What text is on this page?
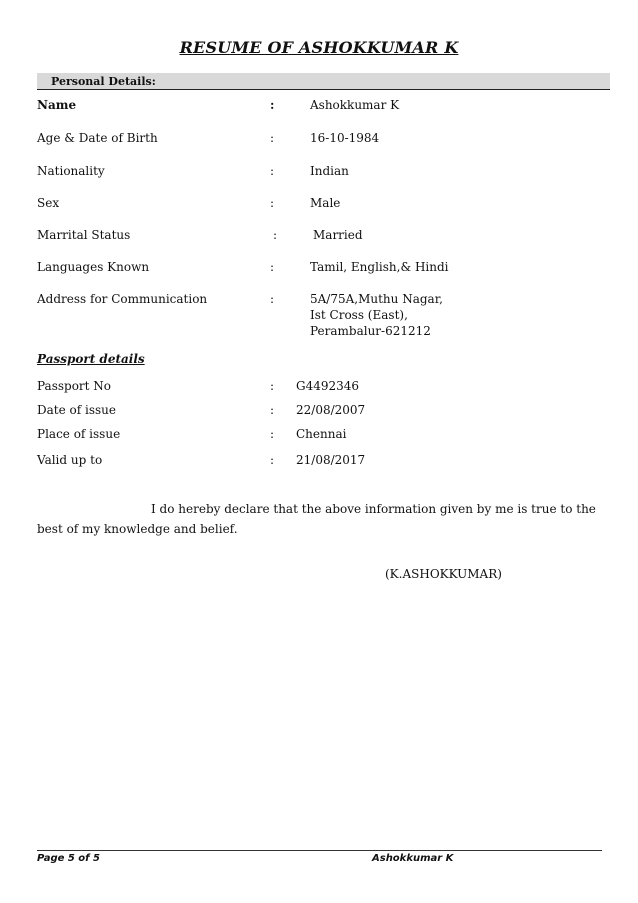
RESUME OF ASHOKKUMAR K
Personal Details:
Name	:	Ashokkumar K
Age & Date of Birth	:	16-10-1984
Nationality	:	Indian
Sex	:	Male
Marrital Status	:	Married
Languages Known	:	Tamil, English,& Hindi
Address for Communication	:	5A/75A,Muthu Nagar,
Ist Cross (East),
Perambalur-621212
Passport details
Passport No	: G4492346
Date of issue	: 22/08/2007
Place of issue	: Chennai
Valid up to	: 21/08/2017
I do hereby declare that the above information given by me is true to the best of my knowledge and belief.
(K.ASHOKKUMAR)
Page 5 of 5	Ashokkumar K
